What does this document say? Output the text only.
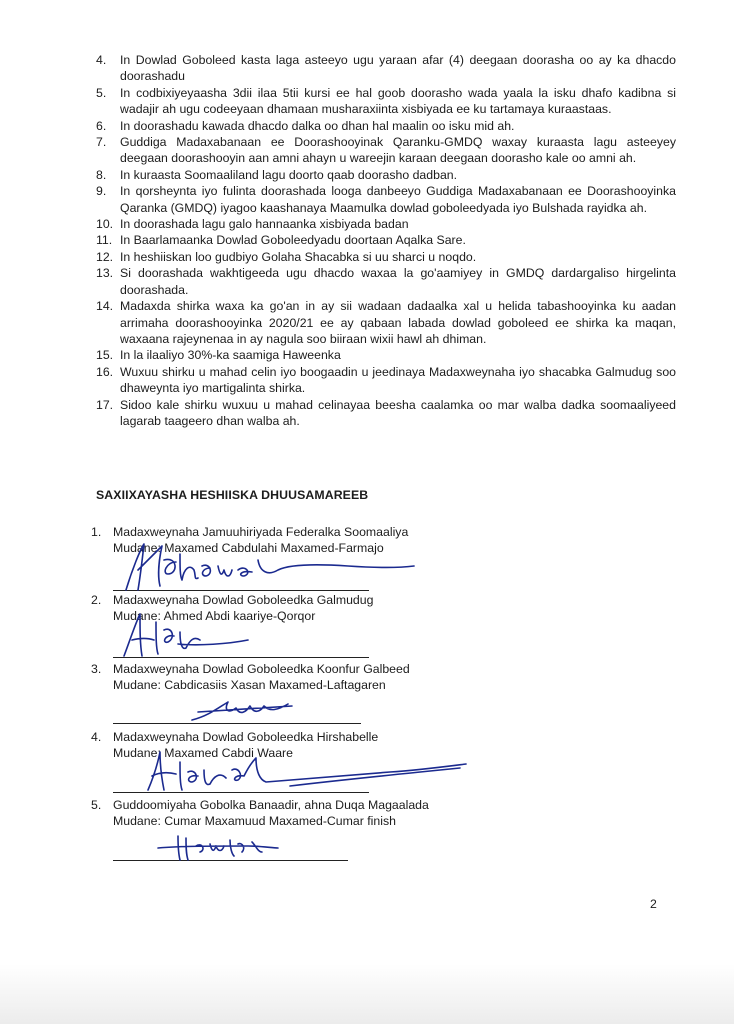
4.	In Dowlad Goboleed kasta laga asteeyo ugu yaraan afar (4) deegaan doorasha oo ay ka dhacdo doorashadu
5.	In codbixiyeyaasha 3dii ilaa 5tii kursi ee hal goob doorasho wada yaala la isku dhafo kadibna si wadajir ah ugu codeeyaan dhamaan musharaxiinta xisbiyada ee ku tartamaya kuraastaas.
6.	In doorashadu kawada dhacdo dalka oo dhan hal maalin oo isku mid ah.
7.	Guddiga Madaxabanaan ee Doorashooyinak Qaranku-GMDQ waxay kuraasta lagu asteeyey deegaan doorashooyin aan amni ahayn u wareejin karaan deegaan doorasho kale oo amni ah.
8.	In kuraasta Soomaaliland lagu doorto qaab doorasho dadban.
9.	In qorsheynta iyo fulinta doorashada looga danbeeyo Guddiga Madaxabanaan ee Doorashooyinka Qaranka (GMDQ) iyagoo kaashanaya Maamulka dowlad goboleedyada iyo Bulshada rayidka ah.
10. In doorashada lagu galo hannaanka xisbiyada badan
11. In Baarlamaanka Dowlad Goboleedyadu doortaan Aqalka Sare.
12. In heshiiskan loo gudbiyo Golaha Shacabka si uu sharci u noqdo.
13. Si doorashada wakhtigeeda ugu dhacdo waxaa la go'aamiyey in GMDQ dardargaliso hirgelinta doorashada.
14. Madaxda shirka waxa ka go'an in ay sii wadaan dadaalka xal u helida tabashooyinka ku aadan arrimaha doorashooyinka 2020/21 ee ay qabaan labada dowlad goboleed ee shirka ka maqan, waxaana rajeynenaa in ay nagula soo biiraan wixii hawl ah dhiman.
15. In la ilaaliyo 30%-ka saamiga Haweenka
16. Wuxuu shirku u mahad celin iyo boogaadin u jeedinaya Madaxweynaha iyo shacabka Galmudug soo dhaweynta iyo martigalinta shirka.
17. Sidoo kale shirku wuxuu u mahad celinayaa beesha caalamka oo mar walba dadka soomaaliyeed lagarab taageero dhan walba ah.
SAXIIXAYASHA HESHIISKA DHUUSAMAREEB
1. Madaxweynaha Jamuuhiriyada Federalka Soomaaliya
Mudane: Maxamed Cabdulahi Maxamed-Farmajo
2. Madaxweynaha Dowlad Goboleedka Galmudug
Mudane: Ahmed Abdi kaariye-Qorqor
3. Madaxweynaha Dowlad Goboleedka Koonfur Galbeed
Mudane: Cabdicasiis Xasan Maxamed-Laftagaren
4. Madaxweynaha Dowlad Goboleedka Hirshabelle
Mudane: Maxamed Cabdi Waare
5. Guddoomiyaha Gobolka Banaadir, ahna Duqa Magaalada
Mudane: Cumar Maxamuud Maxamed-Cumar finish
2
